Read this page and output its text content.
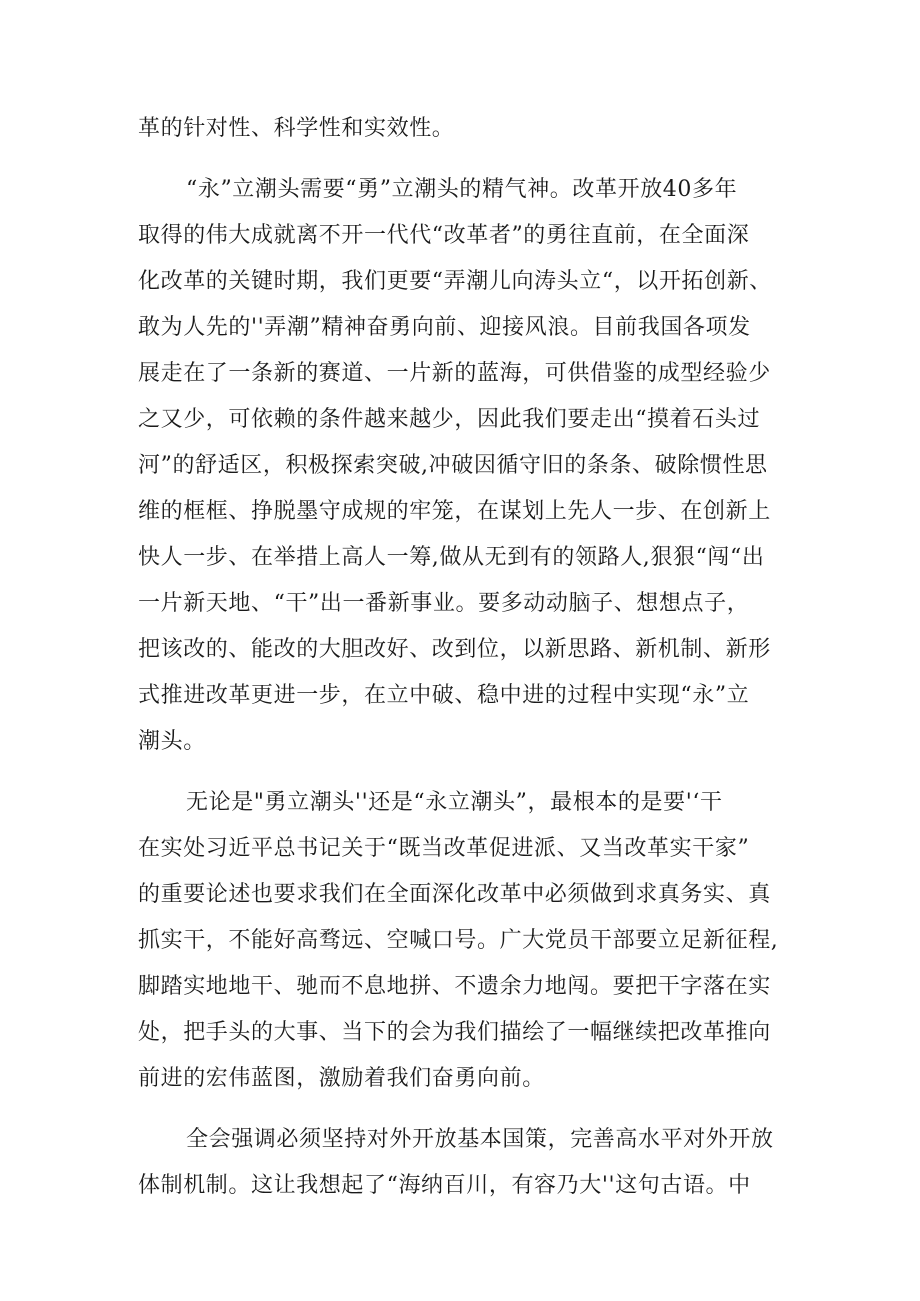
革的针对性、科学性和实效性。
“永”立潮头需要“勇”立潮头的精气神。改革开放40多年
取得的伟大成就离不开一代代“改革者”的勇往直前，在全面深
化改革的关键时期，我们更要“弄潮儿向涛头立“，以开拓创新、
敢为人先的''弄潮”精神奋勇向前、迎接风浪。目前我国各项发
展走在了一条新的赛道、一片新的蓝海，可供借鉴的成型经验少
之又少，可依赖的条件越来越少，因此我们要走出“摸着石头过
河”的舒适区，积极探索突破,冲破因循守旧的条条、破除惯性思
维的框框、挣脱墨守成规的牢笼，在谋划上先人一步、在创新上
快人一步、在举措上高人一筹,做从无到有的领路人,狠狠“闯“出
一片新天地、“干”出一番新事业。要多动动脑子、想想点子，
把该改的、能改的大胆改好、改到位，以新思路、新机制、新形
式推进改革更进一步，在立中破、稳中进的过程中实现“永”立
潮头。
无论是"勇立潮头''还是“永立潮头”，最根本的是要'‘干
在实处习近平总书记关于“既当改革促进派、又当改革实干家”
的重要论述也要求我们在全面深化改革中必须做到求真务实、真
抓实干，不能好高骛远、空喊口号。广大党员干部要立足新征程,
脚踏实地地干、驰而不息地拼、不遗余力地闯。要把干字落在实
处，把手头的大事、当下的会为我们描绘了一幅继续把改革推向
前进的宏伟蓝图，激励着我们奋勇向前。
全会强调必须坚持对外开放基本国策，完善高水平对外开放
体制机制。这让我想起了“海纳百川，有容乃大''这句古语。中
